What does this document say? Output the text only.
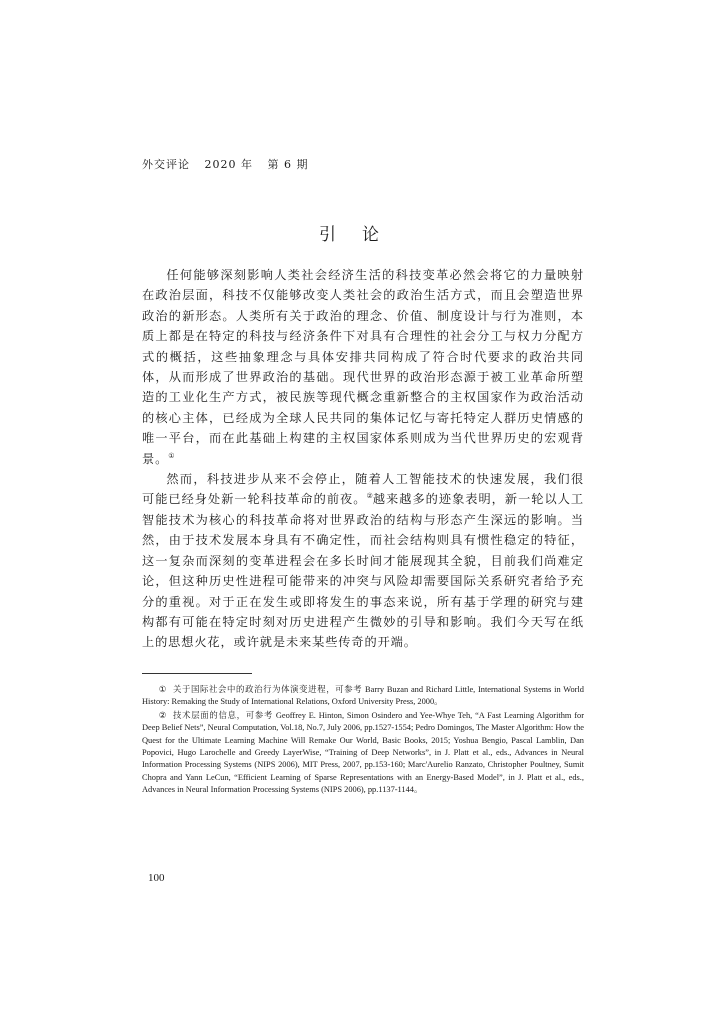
外交评论 2020 年 第 6 期
引论

任何能够深刻影响人类社会经济生活的科技变革必然会将它的力量映射在政治层面，科技不仅能够改变人类社会的政治生活方式，而且会塑造世界政治的新形态。人类所有关于政治的理念、价值、制度设计与行为准则，本质上都是在特定的科技与经济条件下对具有合理性的社会分工与权力分配方式的概括，这些抽象理念与具体安排共同构成了符合时代要求的政治共同体，从而形成了世界政治的基础。现代世界的政治形态源于被工业革命所塑造的工业化生产方式，被民族等现代概念重新整合的主权国家作为政治活动的核心主体，已经成为全球人民共同的集体记忆与寄托特定人群历史情感的唯一平台，而在此基础上构建的主权国家体系则成为当代世界历史的宏观背景。①

然而，科技进步从来不会停止，随着人工智能技术的快速发展，我们很可能已经身处新一轮科技革命的前夜。②越来越多的迹象表明，新一轮以人工智能技术为核心的科技革命将对世界政治的结构与形态产生深远的影响。当然，由于技术发展本身具有不确定性，而社会结构则具有惯性稳定的特征，这一复杂而深刻的变革进程会在多长时间才能展现其全貌，目前我们尚难定论，但这种历史性进程可能带来的冲突与风险却需要国际关系研究者给予充分的重视。对于正在发生或即将发生的事态来说，所有基于学理的研究与建构都有可能在特定时刻对历史进程产生微妙的引导和影响。我们今天写在纸上的思想火花，或许就是未来某些传奇的开端。

① 关于国际社会中的政治行为体演变进程，可参考 Barry Buzan and Richard Little, International Systems in World History: Remaking the Study of International Relations, Oxford University Press, 2000。

② 技术层面的信息，可参考 Geoffrey E. Hinton, Simon Osindero and Yee-Whye Teh, “A Fast Learning Algorithm for Deep Belief Nets”, Neural Computation, Vol.18, No.7, July 2006, pp.1527-1554; Pedro Domingos, The Master Algorithm: How the Quest for the Ultimate Learning Machine Will Remake Our World, Basic Books, 2015; Yoshua Bengio, Pascal Lamblin, Dan Popovici, Hugo Larochelle and Greedy LayerWise, “Training of Deep Networks”, in J. Platt et al., eds., Advances in Neural Information Processing Systems (NIPS 2006), MIT Press, 2007, pp.153-160; Marc'Aurelio Ranzato, Christopher Poultney, Sumit Chopra and Yann LeCun, “Efficient Learning of Sparse Representations with an Energy-Based Model”, in J. Platt et al., eds., Advances in Neural Information Processing Systems (NIPS 2006), pp.1137-1144。

100
